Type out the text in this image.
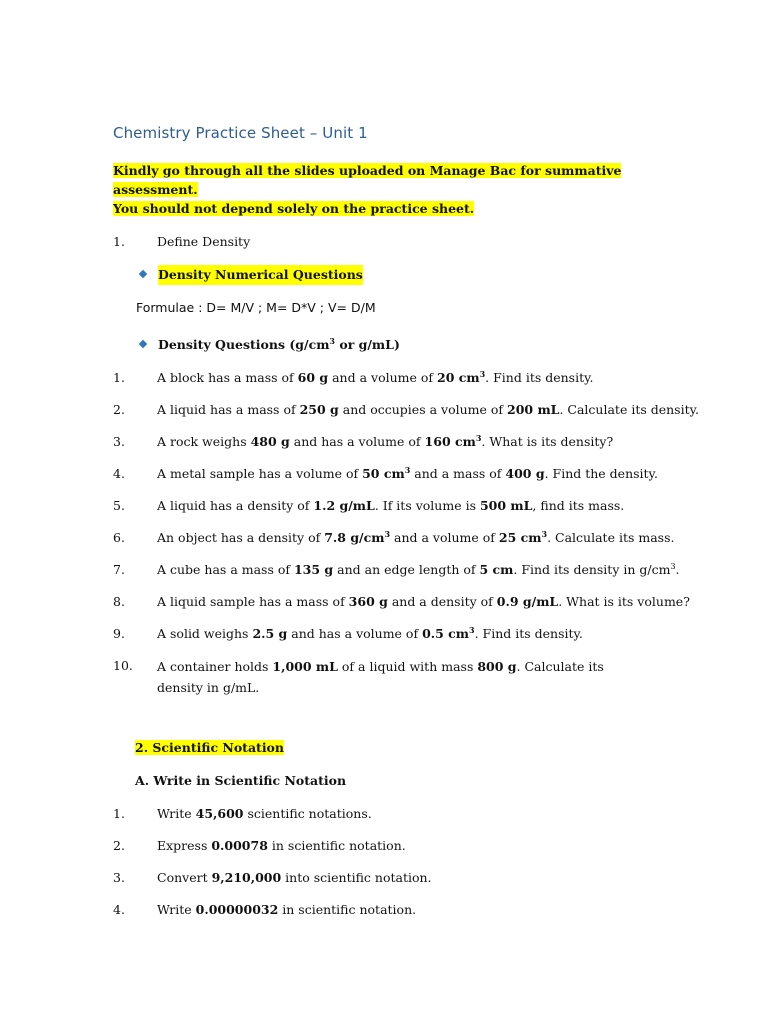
Chemistry Practice Sheet – Unit 1
Kindly go through all the slides uploaded on Manage Bac for summative assessment.
You should not depend solely on the practice sheet.
1.	Define Density
Density Numerical Questions
Formulae : D= M/V ; M= D*V ; V= D/M
Density Questions ($g/cm^3$ or g/mL)
1.	A block has a mass of 60 g and a volume of 20 $cm^3$. Find its density.
2.	A liquid has a mass of 250 g and occupies a volume of 200 mL. Calculate its density.
3.	A rock weighs 480 g and has a volume of 160 $cm^3$. What is its density?
4.	A metal sample has a volume of 50 $cm^3$ and a mass of 400 g. Find the density.
5.	A liquid has a density of 1.2 g/mL. If its volume is 500 mL, find its mass.
6.	An object has a density of 7.8 $g/cm^3$ and a volume of 25 $cm^3$. Calculate its mass.
7.	A cube has a mass of 135 g and an edge length of 5 cm. Find its density in $g/cm^3$.
8.	A liquid sample has a mass of 360 g and a density of 0.9 g/mL. What is its volume?
9.	A solid weighs 2.5 g and has a volume of 0.5 $cm^3$. Find its density.
10.	A container holds 1,000 mL of a liquid with mass 800 g. Calculate its density in g/mL.
2. Scientific Notation
A. Write in Scientific Notation
1.	Write 45,600 scientific notations.
2.	Express 0.00078 in scientific notation.
3.	Convert 9,210,000 into scientific notation.
4.	Write 0.00000032 in scientific notation.
